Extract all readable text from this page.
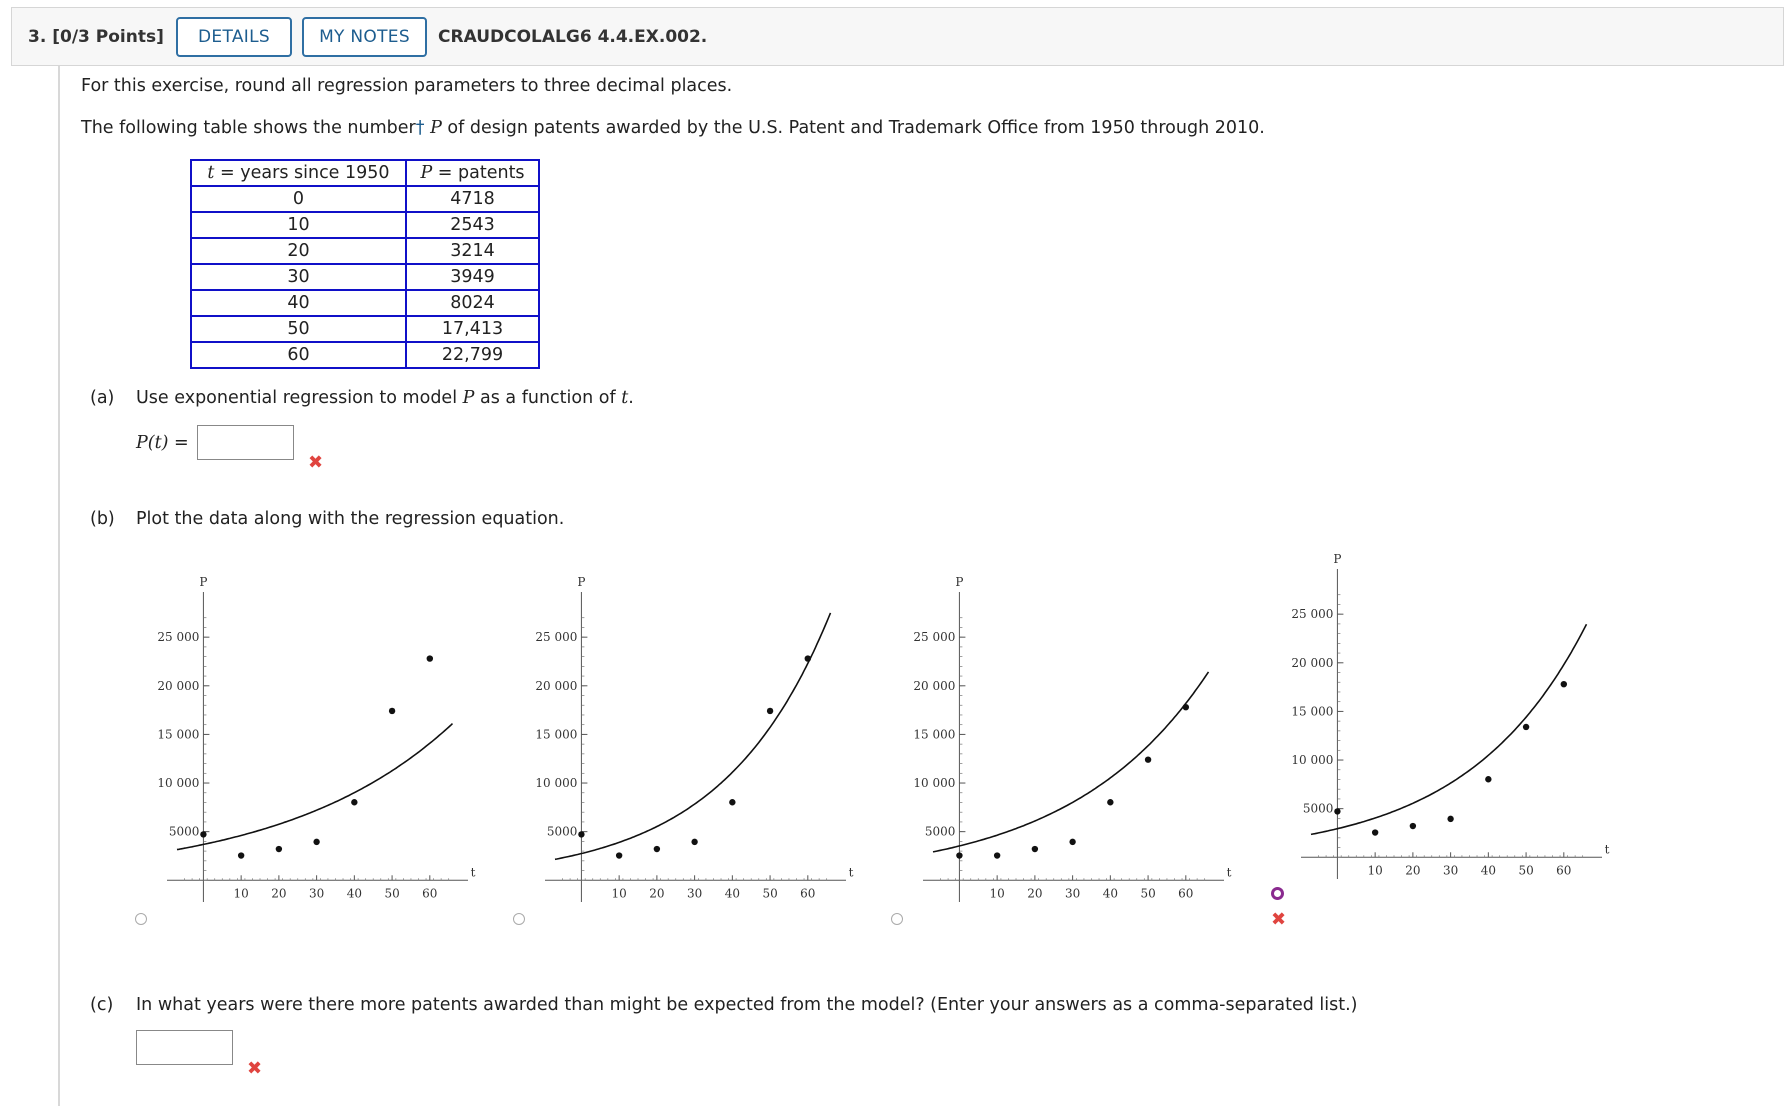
3. [0/3 Points]	DETAILS	MY NOTES	CRAUDCOLALG6 4.4.EX.002.
For this exercise, round all regression parameters to three decimal places.
The following table shows the number† P of design patents awarded by the U.S. Patent and Trademark Office from 1950 through 2010.
t = years since 1950	P = patents
0	4718
10	2543
20	3214
30	3949
40	8024
50	17,413
60	22,799
(a) Use exponential regression to model P as a function of t.
P(t) =
✖
(b) Plot the data along with the regression equation.
10 20 30 40 50 60
5000
10 000
15 000
20 000
25 000
P
t
10 20 30 40 50 60
5000
10 000
15 000
20 000
25 000
P
t
10 20 30 40 50 60
5000
10 000
15 000
20 000
25 000
P
t	10 20 30 40 50 60
5000
10 000
15 000
20 000
25 000
P
t
✖
(c) In what years were there more patents awarded than might be expected from the model? (Enter your answers as a comma-separated list.)
✖
